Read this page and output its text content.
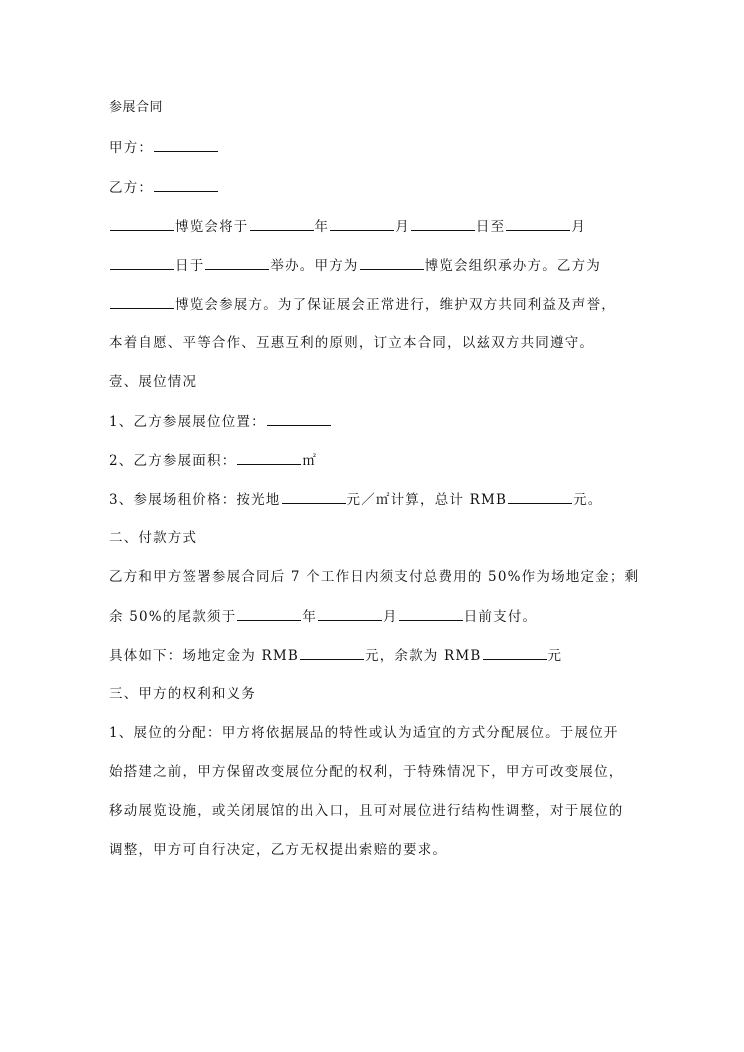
参展合同
甲方：
乙方：
博览会将于	年	月	日至	月
日于	举办。甲方为	博览会组织承办方。乙方为
博览会参展方。为了保证展会正常进行，维护双方共同利益及声誉，
本着自愿、平等合作、互惠互利的原则，订立本合同，以兹双方共同遵守。
壹、展位情况
1、乙方参展展位位置：
2、乙方参展面积：	㎡
3、参展场租价格：按光地	元／㎡计算，总计 RMB	元。
二、付款方式
乙方和甲方签署参展合同后 7 个工作日内须支付总费用的 50%作为场地定金；剩
余 50%的尾款须于	年	月	日前支付。
具体如下：场地定金为 RMB	元，余款为 RMB	元
三、甲方的权利和义务
1、展位的分配：甲方将依据展品的特性或认为适宜的方式分配展位。于展位开
始搭建之前，甲方保留改变展位分配的权利，于特殊情况下，甲方可改变展位，
移动展览设施，或关闭展馆的出入口，且可对展位进行结构性调整，对于展位的
调整，甲方可自行决定，乙方无权提出索赔的要求。
